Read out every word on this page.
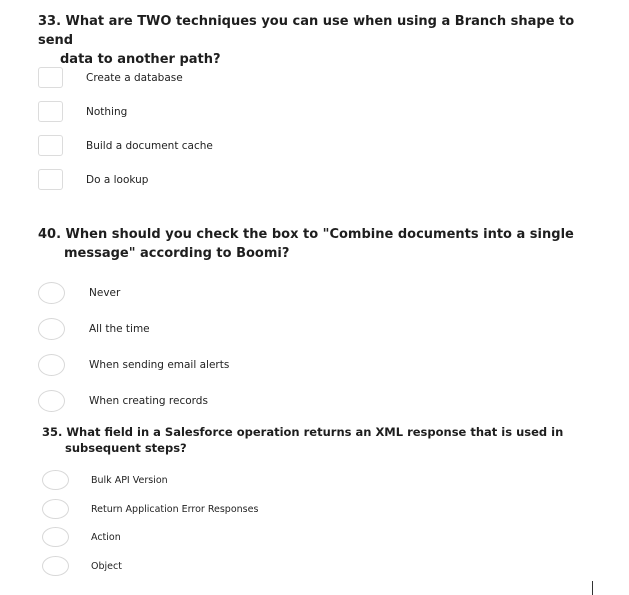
33. What are TWO techniques you can use when using a Branch shape to send
data to another path?
Create a database
Nothing
Build a document cache
Do a lookup
40. When should you check the box to "Combine documents into a single
message" according to Boomi?
Never
All the time
When sending email alerts
When creating records
35. What field in a Salesforce operation returns an XML response that is used in
subsequent steps?
Bulk API Version
Return Application Error Responses
Action
Object
